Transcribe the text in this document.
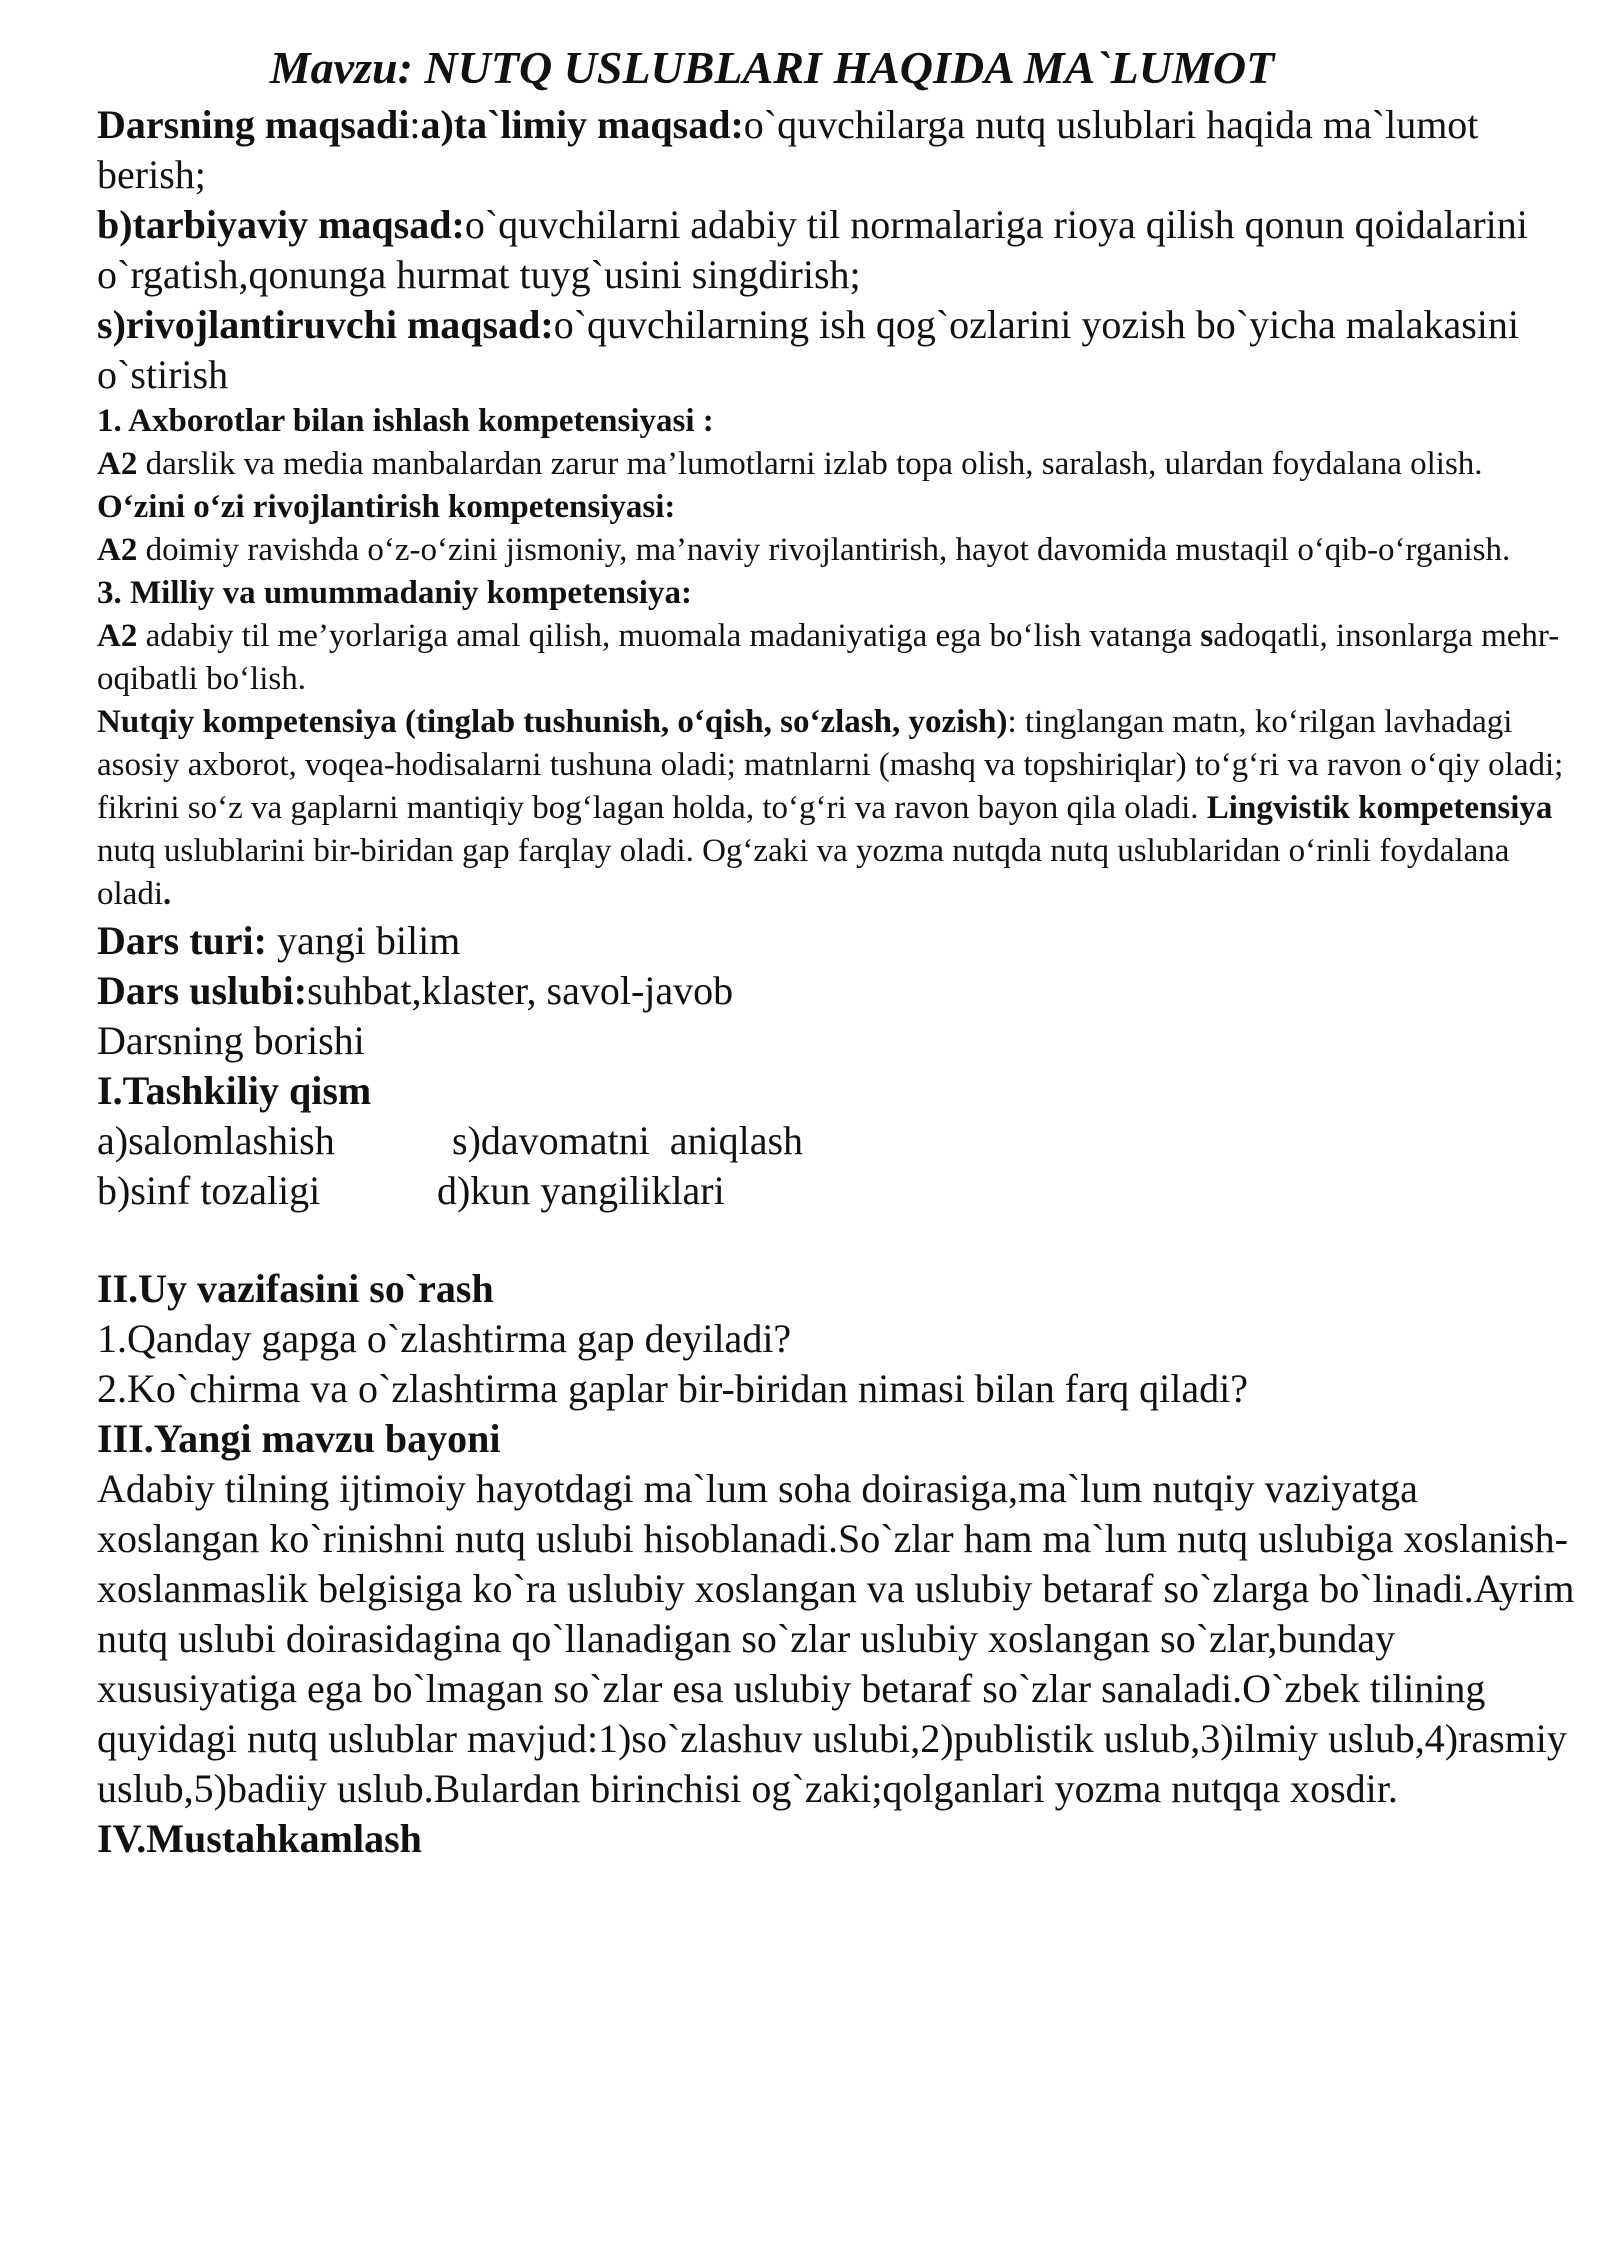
Mavzu: NUTQ USLUBLARI HAQIDA MA`LUMOT

Darsning maqsadi:a)ta`limiy maqsad:o`quvchilarga nutq uslublari haqida ma`lumot berish;

b)tarbiyaviy maqsad:o`quvchilarni adabiy til normalariga rioya qilish qonun qoidalarini o`rgatish,qonunga hurmat tuyg`usini singdirish;

s)rivojlantiruvchi maqsad:o`quvchilarning ish qog`ozlarini yozish bo`yicha malakasini o`stirish

1. Axborotlar bilan ishlash kompetensiyasi :

A2 darslik va media manbalardan zarur ma’lumotlarni izlab topa olish, saralash, ulardan foydalana olish.

O‘zini o‘zi rivojlantirish kompetensiyasi:

A2 doimiy ravishda o‘z-o‘zini jismoniy, ma’naviy rivojlantirish, hayot davomida mustaqil o‘qib-o‘rganish.

3. Milliy va umummadaniy kompetensiya:

A2 adabiy til me’yorlariga amal qilish, muomala madaniyatiga ega bo‘lish vatanga sadoqatli, insonlarga mehr-oqibatli bo‘lish.

Nutqiy kompetensiya (tinglab tushunish, o‘qish, so‘zlash, yozish): tinglangan matn, ko‘rilgan lavhadagi asosiy axborot, voqea-hodisalarni tushuna oladi; matnlarni (mashq va topshiriqlar) to‘g‘ri va ravon o‘qiy oladi; fikrini so‘z va gaplarni mantiqiy bog‘lagan holda, to‘g‘ri va ravon bayon qila oladi. Lingvistik kompetensiya nutq uslublarini bir-biridan gap farqlay oladi. Og‘zaki va yozma nutqda nutq uslublaridan o‘rinli foydalana oladi.

Dars turi: yangi bilim

Dars uslubi:suhbat,klaster, savol-javob

Darsning borishi

I.Tashkiliy qism

a)salomlashish	s)davomatni  aniqlash
b)sinf tozaligi	d)kun yangiliklari

II.Uy vazifasini so`rash

1.Qanday gapga o`zlashtirma gap deyiladi?

2.Ko`chirma va o`zlashtirma gaplar bir-biridan nimasi bilan farq qiladi?

III.Yangi mavzu bayoni

Adabiy tilning ijtimoiy hayotdagi ma`lum soha doirasiga,ma`lum nutqiy vaziyatga xoslangan ko`rinishni nutq uslubi hisoblanadi.So`zlar ham ma`lum nutq uslubiga xoslanish-xoslanmaslik belgisiga ko`ra uslubiy xoslangan va uslubiy betaraf so`zlarga bo`linadi.Ayrim nutq uslubi doirasidagina qo`llanadigan so`zlar uslubiy xoslangan so`zlar,bunday xususiyatiga ega bo`lmagan so`zlar esa uslubiy betaraf so`zlar sanaladi.O`zbek tilining quyidagi nutq uslublar mavjud:1)so`zlashuv uslubi,2)publistik uslub,3)ilmiy uslub,4)rasmiy uslub,5)badiiy uslub.Bulardan birinchisi og`zaki;qolganlari yozma nutqqa xosdir.

IV.Mustahkamlash
